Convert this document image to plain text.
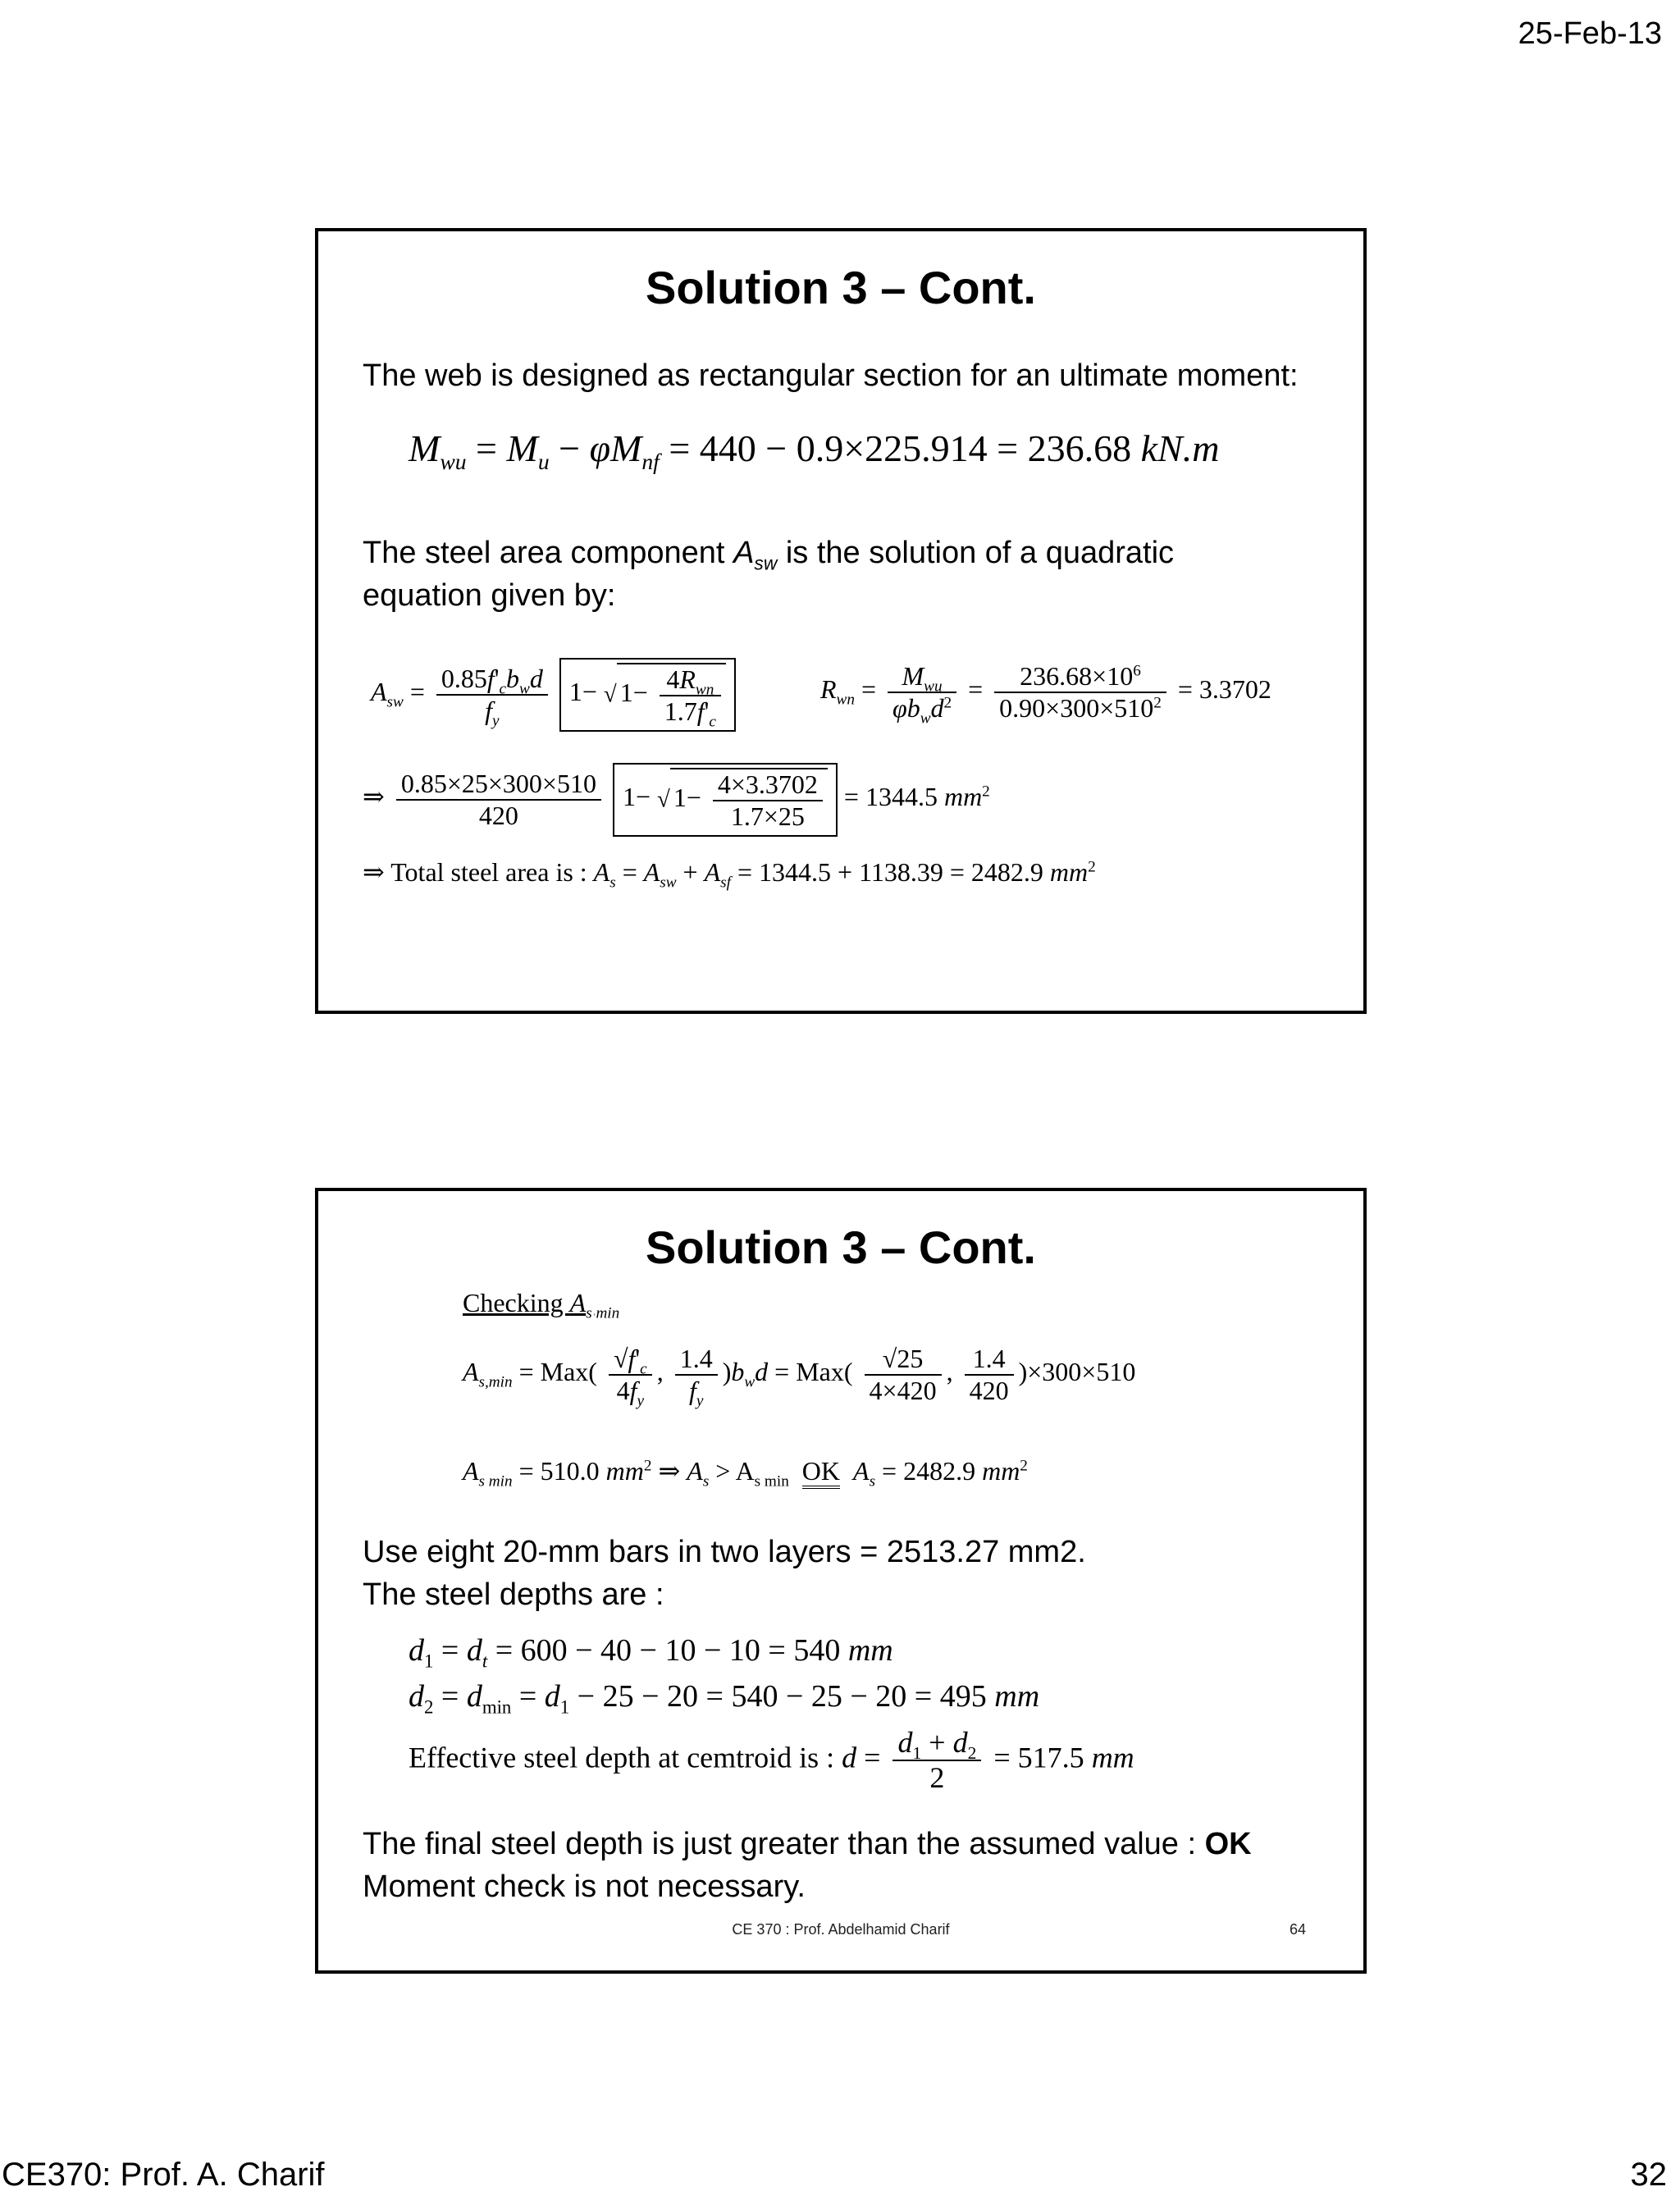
25-Feb-13
Solution 3 – Cont.
The web is designed as rectangular section for an ultimate moment:
$M_{wu} = M_u - \varphi M_{nf} = 440 - 0.9\times 225.914 = 236.68$ kN.m
The steel area component $A_{sw}$ is the solution of a quadratic
equation given by:
$A_{sw} = \frac{0.85f'_cb_wd}{f_y} 1-$ √ $1- \frac{4R_{wn}}{1.7f'_c}$	$R_{wn} = \frac{M_{wu}}{\varphi b_wd^2} = \frac{236.68\times 10^6}{0.90\times 300\times 510^2} = 3.3702$
⇒ $\frac{0.85\times 25\times 300\times 510}{420} 1-$ √ $1- \frac{4\times 3.3702}{1.7\times 25} = 1344.5$ $mm^2$
⇒ Total steel area is : $A_s = A_{sw} + A_{sf} = 1344.5 + 1138.39 = 2482.9$ $mm^2$
Solution 3 – Cont.
Checking $A_{s min}$
$A_{s,min} = Max( \frac{√f'_c}{4f_y}$ , $\frac{1.4}{f_y} )b_wd = Max( \frac{√25}{4\times 420}$ , $\frac{1.4}{420} )\times 300\times 510$
$A_{s min} = 510.0$ $mm^2$ ⇒ $A_s > A_{s min}$ OK $A_s = 2482.9$ $mm^2$
Use eight 20-mm bars in two layers = 2513.27 mm2.
The steel depths are :
$d_1 = d_t = 600 - 40 - 10 - 10 = 540$ mm
$d_2 = d_{min} = d_1 - 25 - 20 = 540 - 25 - 20 = 495$ mm
Effective steel depth at cemtroid is : $d = \frac{d_1 + d_2}{2} = 517.5$ mm
The final steel depth is just greater than the assumed value : OK
Moment check is not necessary.
CE 370 : Prof. Abdelhamid Charif	64
CE370: Prof. A. Charif	32
